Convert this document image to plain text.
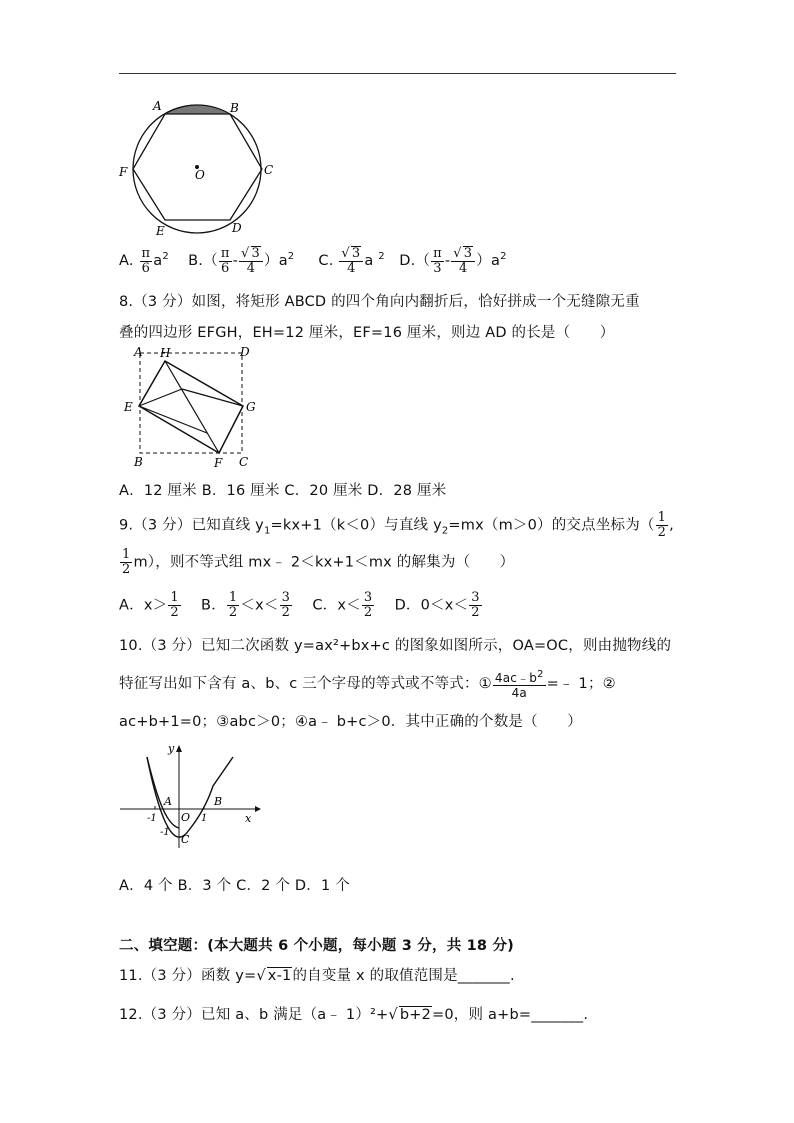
A	B
C
D
E
F	O
A. $\frac{\pi}{6} a^2$ $B.( \frac{\pi}{6} - \frac{√ 3}{4} )a^2$ C. $\frac{√ 3}{4}$ a $^2$ $D.( \frac{\pi}{3} - \frac{√ 3}{4} )a^2$
8.（3 分）如图，将矩形 ABCD 的四个角向内翻折后，恰好拼成一个无缝隙无重
叠的四边形 EFGH，EH=12 厘米，EF=16 厘米，则边 AD 的长是（　　）
A H	D
E	G
B	F C
A．12 厘米 B．16 厘米 C．20 厘米 D．28 厘米
9.（3 分）已知直线 $y_1=kx+1(k<0)$与直线 $y_2=mx(m>0)$的交点坐标为（ $\frac{1}{2}$ ,
$\frac{1}{2} m$），则不等式组 mx﹣ 2＜kx+1＜mx 的解集为（　　）
A．$x> \frac{1}{2}$ B． $\frac{1}{2} <x< \frac{3}{2}$ C．$x< \frac{3}{2}$ D．$0<x< \frac{3}{2}$
10.（3 分）已知二次函数 y=ax²+bx+c 的图象如图所示，OA=OC，则由抛物线的
特征写出如下含有 a、b、c 三个字母的等式或不等式：① $\frac{4ac﹣b^2}{4a}$ =﹣ 1；②
ac+b+1=0；③abc＞0；④a﹣ b+c＞0．其中正确的个数是（　　）
y
x
A	B
O
C
-1	1
-1
A．4 个 B．3 个 C．2 个 D．1 个
二、填空题：(本大题共 6 个小题，每小题 3 分，共 18 分)
11.（3 分）函数 y=√ x-1的自变量 x 的取值范围是_______.
12.（3 分）已知 a、b 满足（a﹣ 1）²+√ b+2=0，则 a+b=_______.
